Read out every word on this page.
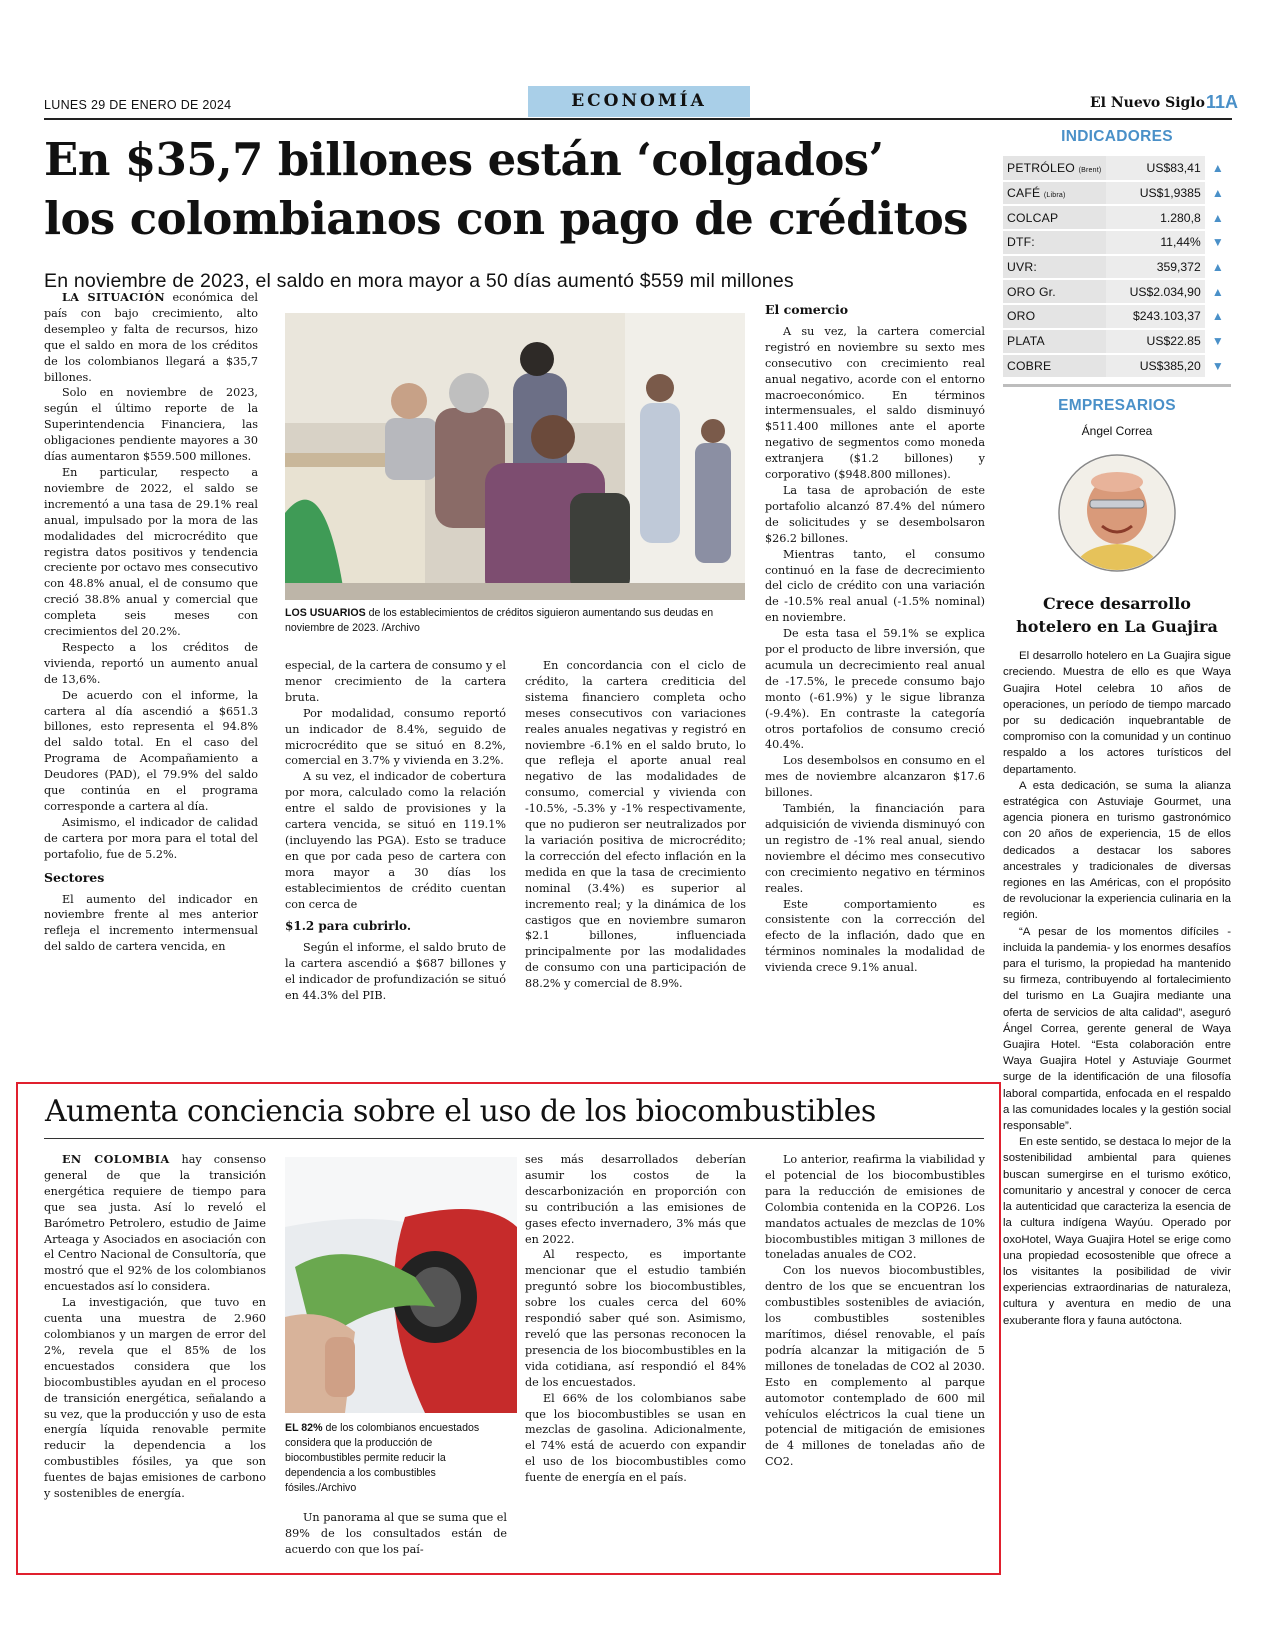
LUNES 29 DE ENERO DE 2024	ECONOMÍA	El Nuevo Siglo 11A
En $35,7 billones están ‘colgados’
los colombianos con pago de créditos
En noviembre de 2023, el saldo en mora mayor a 50 días aumentó $559 mil millones

LA SITUACIÓN económica del país con bajo crecimiento, alto desempleo y falta de recursos, hizo que el saldo en mora de los créditos de los colombianos llegará a $35,7 billones.

Solo en noviembre de 2023, según el último reporte de la Superintendencia Financiera, las obligaciones pendiente mayores a 30 días aumentaron $559.500 millones.

En particular, respecto a noviembre de 2022, el saldo se incrementó a una tasa de 29.1% real anual, impulsado por la mora de las modalidades del microcrédito que registra datos positivos y tendencia creciente por octavo mes consecutivo con 48.8% anual, el de consumo que creció 38.8% anual y comercial que completa seis meses con crecimientos del 20.2%.

Respecto a los créditos de vivienda, reportó un aumento anual de 13,6%.

De acuerdo con el informe, la cartera al día ascendió a $651.3 billones, esto representa el 94.8% del saldo total. En el caso del Programa de Acompañamiento a Deudores (PAD), el 79.9% del saldo que continúa en el programa corresponde a cartera al día.

Asimismo, el indicador de calidad de cartera por mora para el total del portafolio, fue de 5.2%.

Sectores

El aumento del indicador en noviembre frente al mes anterior refleja el incremento intermensual del saldo de cartera vencida, en

LOS USUARIOS de los establecimientos de créditos siguieron aumentando sus deudas en noviembre de 2023. /Archivo

especial, de la cartera de consumo y el menor crecimiento de la cartera bruta.

Por modalidad, consumo reportó un indicador de 8.4%, seguido de microcrédito que se situó en 8.2%, comercial en 3.7% y vivienda en 3.2%.

A su vez, el indicador de cobertura por mora, calculado como la relación entre el saldo de provisiones y la cartera vencida, se situó en 119.1% (incluyendo las PGA). Esto se traduce en que por cada peso de cartera con mora mayor a 30 días los establecimientos de crédito cuentan con cerca de

$1.2 para cubrirlo.

Según el informe, el saldo bruto de la cartera ascendió a $687 billones y el indicador de profundización se situó en 44.3% del PIB.

En concordancia con el ciclo de crédito, la cartera crediticia del sistema financiero completa ocho meses consecutivos con variaciones reales anuales negativas y registró en noviembre -6.1% en el saldo bruto, lo que refleja el aporte anual real negativo de las modalidades de consumo, comercial y vivienda con -10.5%, -5.3% y -1% respectivamente, que no pudieron ser neutralizados por la variación positiva de microcrédito; la corrección del efecto inflación en la medida en que la tasa de crecimiento nominal (3.4%) es superior al incremento real; y la dinámica de los castigos que en noviembre sumaron $2.1 billones, influenciada principalmente por las modalidades de consumo con una participación de 88.2% y comercial de 8.9%.

El comercio

A su vez, la cartera comercial registró en noviembre su sexto mes consecutivo con crecimiento real anual negativo, acorde con el entorno macroeconómico. En términos intermensuales, el saldo disminuyó $511.400 millones ante el aporte negativo de segmentos como moneda extranjera ($1.2 billones) y corporativo ($948.800 millones).

La tasa de aprobación de este portafolio alcanzó 87.4% del número de solicitudes y se desembolsaron $26.2 billones.

Mientras tanto, el consumo continuó en la fase de decrecimiento del ciclo de crédito con una variación de -10.5% real anual (-1.5% nominal) en noviembre.

De esta tasa el 59.1% se explica por el producto de libre inversión, que acumula un decrecimiento real anual de -17.5%, le precede consumo bajo monto (-61.9%) y le sigue libranza (-9.4%). En contraste la categoría otros portafolios de consumo creció 40.4%.

Los desembolsos en consumo en el mes de noviembre alcanzaron $17.6 billones.

También, la financiación para adquisición de vivienda disminuyó con un registro de -1% real anual, siendo noviembre el décimo mes consecutivo con crecimiento negativo en términos reales.

Este comportamiento es consistente con la corrección del efecto de la inflación, dado que en términos nominales la modalidad de vivienda crece 9.1% anual.

INDICADORES
PETRÓLEO (Brent)	US$83,41	▲
CAFÉ (Libra)	US$1,9385	▲
COLCAP	1.280,8	▲
DTF:	11,44%	▼
UVR:	359,372	▲
ORO Gr.	US$2.034,90	▲
ORO	$243.103,37	▲
PLATA	US$22.85	▼
COBRE	US$385,20	▼
EMPRESARIOS
Ángel Correa
Crece desarrollo
hotelero en La Guajira

El desarrollo hotelero en La Guajira sigue creciendo. Muestra de ello es que Waya Guajira Hotel celebra 10 años de operaciones, un período de tiempo marcado por su dedicación inquebrantable de compromiso con la comunidad y un continuo respaldo a los actores turísticos del departamento.

A esta dedicación, se suma la alianza estratégica con Astuviaje Gourmet, una agencia pionera en turismo gastronómico con 20 años de experiencia, 15 de ellos dedicados a destacar los sabores ancestrales y tradicionales de diversas regiones en las Américas, con el propósito de revolucionar la experiencia culinaria en la región.

“A pesar de los momentos difíciles -incluida la pandemia- y los enormes desafíos para el turismo, la propiedad ha mantenido su firmeza, contribuyendo al fortalecimiento del turismo en La Guajira mediante una oferta de servicios de alta calidad”, aseguró Ángel Correa, gerente general de Waya Guajira Hotel. “Esta colaboración entre Waya Guajira Hotel y Astuviaje Gourmet surge de la identificación de una filosofía laboral compartida, enfocada en el respaldo a las comunidades locales y la gestión social responsable”.

En este sentido, se destaca lo mejor de la sostenibilidad ambiental para quienes buscan sumergirse en el turismo exótico, comunitario y ancestral y conocer de cerca la autenticidad que caracteriza la esencia de la cultura indígena Wayúu. Operado por oxoHotel, Waya Guajira Hotel se erige como una propiedad ecosostenible que ofrece a los visitantes la posibilidad de vivir experiencias extraordinarias de naturaleza, cultura y aventura en medio de una exuberante flora y fauna autóctona.

Aumenta conciencia sobre el uso de los biocombustibles

EN COLOMBIA hay consenso general de que la transición energética requiere de tiempo para que sea justa. Así lo reveló el Barómetro Petrolero, estudio de Jaime Arteaga y Asociados en asociación con el Centro Nacional de Consultoría, que mostró que el 92% de los colombianos encuestados así lo considera.

La investigación, que tuvo en cuenta una muestra de 2.960 colombianos y un margen de error del 2%, revela que el 85% de los encuestados considera que los biocombustibles ayudan en el proceso de transición energética, señalando a su vez, que la producción y uso de esta energía líquida renovable permite reducir la dependencia a los combustibles fósiles, ya que son fuentes de bajas emisiones de carbono y sostenibles de energía.

EL 82% de los colombianos encuestados considera que la producción de biocombustibles permite reducir la dependencia a los combustibles fósiles./Archivo

Un panorama al que se suma que el 89% de los consultados están de acuerdo con que los paí-

ses más desarrollados deberían asumir los costos de la descarbonización en proporción con su contribución a las emisiones de gases efecto invernadero, 3% más que en 2022.

Al respecto, es importante mencionar que el estudio también preguntó sobre los biocombustibles, sobre los cuales cerca del 60% respondió saber qué son. Asimismo, reveló que las personas reconocen la presencia de los biocombustibles en la vida cotidiana, así respondió el 84% de los encuestados.

El 66% de los colombianos sabe que los biocombustibles se usan en mezclas de gasolina. Adicionalmente, el 74% está de acuerdo con expandir el uso de los biocombustibles como fuente de energía en el país.

Lo anterior, reafirma la viabilidad y el potencial de los biocombustibles para la reducción de emisiones de Colombia contenida en la COP26. Los mandatos actuales de mezclas de 10% biocombustibles mitigan 3 millones de toneladas anuales de CO2.

Con los nuevos biocombustibles, dentro de los que se encuentran los combustibles sostenibles de aviación, los combustibles sostenibles marítimos, diésel renovable, el país podría alcanzar la mitigación de 5 millones de toneladas de CO2 al 2030. Esto en complemento al parque automotor contemplado de 600 mil vehículos eléctricos la cual tiene un potencial de mitigación de emisiones de 4 millones de toneladas año de CO2.
